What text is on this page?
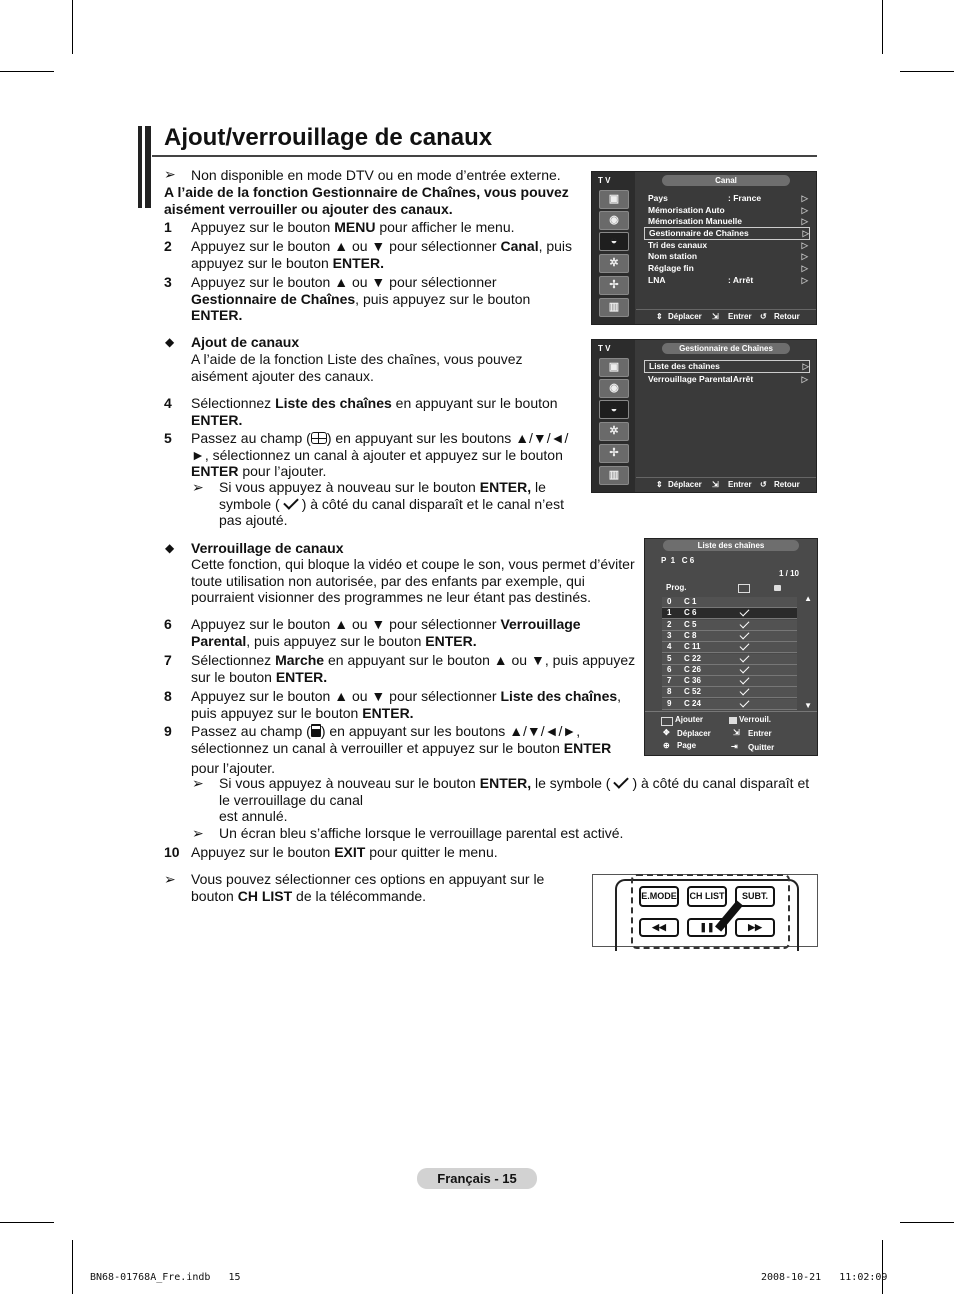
Ajout/verrouillage de canaux
➢ Non disponible en mode DTV ou en mode d’entrée externe.
A l’aide de la fonction Gestionnaire de Chaînes, vous pouvez aisément verrouiller ou ajouter des canaux.
1 Appuyez sur le bouton MENU pour afficher le menu.
2 Appuyez sur le bouton ▲ ou ▼ pour sélectionner Canal, puis appuyez sur le bouton ENTER.
3 Appuyez sur le bouton ▲ ou ▼ pour sélectionner Gestionnaire de Chaînes, puis appuyez sur le bouton ENTER.
◆ Ajout de canaux
A l’aide de la fonction Liste des chaînes, vous pouvez aisément ajouter des canaux.
4 Sélectionnez Liste des chaînes en appuyant sur le bouton ENTER.
5 Passez au champ ( ) en appuyant sur les boutons ▲/▼/◄/►, sélectionnez un canal à ajouter et appuyez sur le bouton ENTER pour l’ajouter.
➢ Si vous appuyez à nouveau sur le bouton ENTER, le symbole ( ) à côté du canal disparaît et le canal n’est pas ajouté.
◆ Verrouillage de canaux
Cette fonction, qui bloque la vidéo et coupe le son, vous permet d’éviter toute utilisation non autorisée, par des enfants par exemple, qui pourraient visionner des programmes ne leur étant pas destinés.
6 Appuyez sur le bouton ▲ ou ▼ pour sélectionner Verrouillage Parental, puis appuyez sur le bouton ENTER.
7 Sélectionnez Marche en appuyant sur le bouton ▲ ou ▼, puis appuyez sur le bouton ENTER.
8 Appuyez sur le bouton ▲ ou ▼ pour sélectionner Liste des chaînes, puis appuyez sur le bouton ENTER.
9 Passez au champ ( ) en appuyant sur les boutons ▲/▼/◄/►, sélectionnez un canal à verrouiller et appuyez sur le bouton ENTER
pour l’ajouter.
➢ Si vous appuyez à nouveau sur le bouton ENTER, le symbole ( ) à côté du canal disparaît et le verrouillage du canal
est annulé.
➢ Un écran bleu s’affiche lorsque le verrouillage parental est activé.
10 Appuyez sur le bouton EXIT pour quitter le menu.
➢ Vous pouvez sélectionner ces options en appuyant sur le bouton CH LIST de la télécommande.
T V	Canal
▣
◉
◒
✲
✢
▥
Pays	: France	▷
Mémorisation Auto	▷
Mémorisation Manuelle	▷
Gestionnaire de Chaînes	▷
Tri des canaux	▷
Nom station	▷
Réglage fin	▷
LNA	: Arrêt	▷
⇕ Déplacer ⇲ Entrer ↺ Retour
T V	Gestionnaire de Chaînes
▣
◉
◒
✲
✢
▥
Liste des chaînes	▷
Verrouillage Parental
: Arrêt	▷
⇕ Déplacer ⇲ Entrer ↺ Retour
Liste des chaînes
P  1   C 6
1 / 10
Prog.
▲
▼
0 C 1
1 C 6
2 C 5
3 C 8
4 C 11
5 C 22
6 C 26
7 C 36
8 C 52
9 C 24
Ajouter	Verrouil.
✥ Déplacer	⇲ Entrer
⊕ Page	⇥ Quitter
E.MODE CH LIST	SUBT.
◀◀	❚❚	▶▶
Français - 15
BN68-01768A_Fre.indb   15	2008-10-21   11:02:09
